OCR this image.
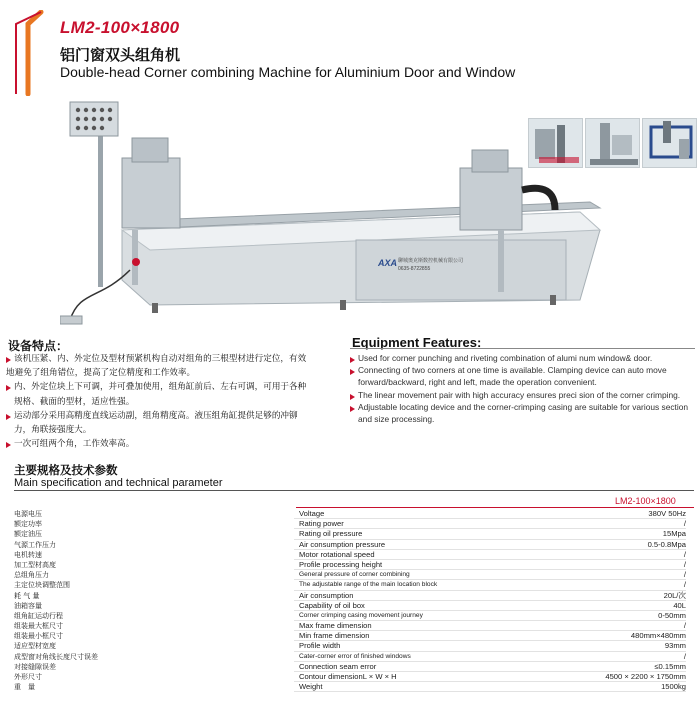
LM2-100×1800
铝门窗双头组角机
Double-head Corner combining Machine for Aluminium Door and Window
AXA 聊城奥克斯数控机械有限公司
0635-8722855
设备特点：
该机压紧、内、外定位及型材预紧机构自动对组角的三根型材进行定位，有效
地避免了组角错位，提高了定位精度和工作效率。
内、外定位块上下可调，并可叠加使用，组角缸前后、左右可调，可用于各种
规格、截面的型材，适应性强。
运动部分采用高精度直线运动副，组角精度高。液压组角缸提供足够的冲铆
力，角联接强度大。
一次可组两个角，工作效率高。
Equipment Features:
Used for corner punching and riveting combination of alumi num window& door.
Connecting of two corners at one time is available. Clamping device can auto move forward/backward, right and left, made the operation convenient.
The linear movement pair with high accuracy ensures preci sion of the corner crimping.
Adjustable locating device and the corner-crimping casing are suitable for various section and size processing.
主要规格及技术参数
Main specification and technical parameter
LM2-100×1800
电源电压	Voltage	380V 50Hz
额定功率	Rating power	/
额定油压	Rating oil pressure	15Mpa
气源工作压力	Air consumption pressure	0.5-0.8Mpa
电机转速	Motor rotational speed	/
加工型材高度	Profile processing height	/
总组角压力	General pressure of corner combining	/
主定位块调整范围	The adjustable range of the main location block	/
耗 气 量	Air consumption	20L/次
油箱容量	Capability of oil box	40L
组角缸运动行程	Corner crimping casing movement journey	0-50mm
组装最大框尺寸	Max frame dimension	/
组装最小框尺寸	Min frame dimension	480mm×480mm
适应型材宽度	Profile width	93mm
成型窗对角线长度尺寸误差	Cater-corner error of finished windows	/
对接缝隙误差	Connection seam error	≤0.15mm
外形尺寸	Contour dimensionL × W × H	4500 × 2200 × 1750mm
重　量	Weight	1500kg
